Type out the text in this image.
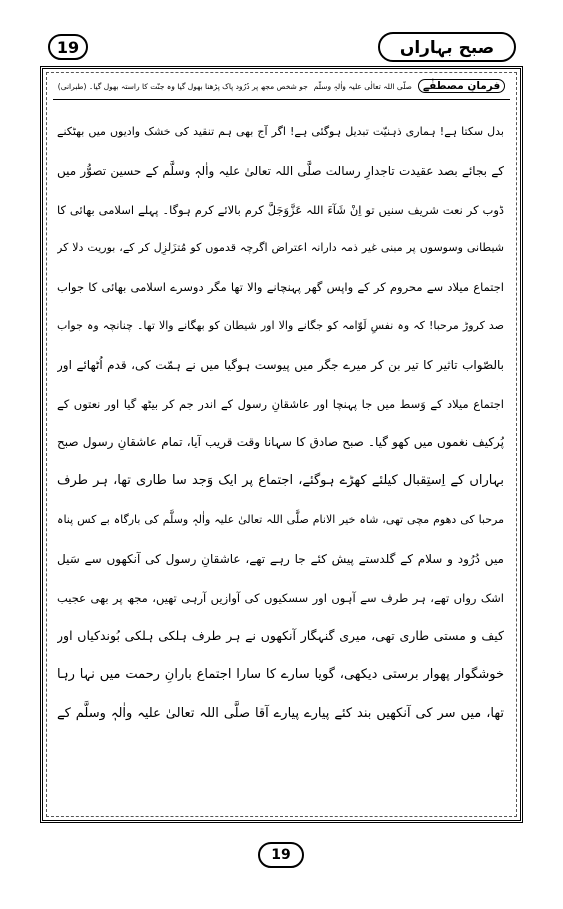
19	صبح بہاراں
فرمانِ مصطفٰے
صلّی اللہ تعالٰی علیہ واٰلہٖ وسلّم
جو شخص مجھ پر دُرُود پاک پڑھنا بھول گیا وہ جنّت کا راستہ بھول گیا۔ (طبرانی)
بدل سکتا ہے! ہماری ذہنیّت تبدیل ہوگئی ہے! اگر آج بھی ہم تنقید کی خشک وادیوں میں بھٹکنے
کے بجائے بصد عقیدت تاجدارِ رسالت صلَّی اللہ تعالیٰ علیہ واٰلہٖ وسلَّم کے حسین تصوُّر میں
ڈوب کر نعت شریف سنیں تو اِنْ شَآءَ اللہ عَزَّوَجَلَّ کرم بالائے کرم ہوگا۔ پہلے اسلامی بھائی کا
شیطانی وسوسوں پر مبنی غیر ذمہ دارانہ اعتراض اگرچہ قدموں کو مُتزَلزِل کر کے، بوریت دلا کر
اجتماع میلاد سے محروم کر کے واپس گھر پہنچانے والا تھا مگر دوسرے اسلامی بھائی کا جواب
صد کروڑ مرحبا! کہ وہ نفسِ لَوّامہ کو جگانے والا اور شیطان کو بھگانے والا تھا۔ چنانچہ وہ جواب
بالصّواب تاثیر کا تیر بن کر میرے جگر میں پیوست ہوگیا میں نے ہمّت کی، قدم اُٹھائے اور
اجتماع میلاد کے وَسط میں جا پہنچا اور عاشقانِ رسول کے اندر جم کر بیٹھ گیا اور نعتوں کے
پُرکیف نغموں میں کھو گیا۔ صبح صادق کا سہانا وقت قریب آیا، تمام عاشقانِ رسول صبح
بہاراں کے اِستِقبال کیلئے کھڑے ہوگئے، اجتماع پر ایک وَجد سا طاری تھا، ہر طرف
مرحبا کی دھوم مچی تھی، شاہ خیر الانام صلَّی اللہ تعالیٰ علیہ واٰلہٖ وسلَّم کی بارگاہ بے کس پناہ
میں دُرُود و سلام کے گلدستے پیش کئے جا رہے تھے، عاشقانِ رسول کی آنکھوں سے سَیل
اشک رواں تھے، ہر طرف سے آہوں اور سسکیوں کی آوازیں آرہی تھیں، مجھ پر بھی عجیب
کیف و مستی طاری تھی، میری گنہگار آنکھوں نے ہر طرف ہلکی ہلکی بُوندکیاں اور
خوشگوار پھوار برستی دیکھی، گویا سارے کا سارا اجتماع بارانِ رحمت میں نہا رہا
تھا، میں سر کی آنکھیں بند کئے پیارے پیارے آقا صلَّی اللہ تعالیٰ علیہ واٰلہٖ وسلَّم کے
19
